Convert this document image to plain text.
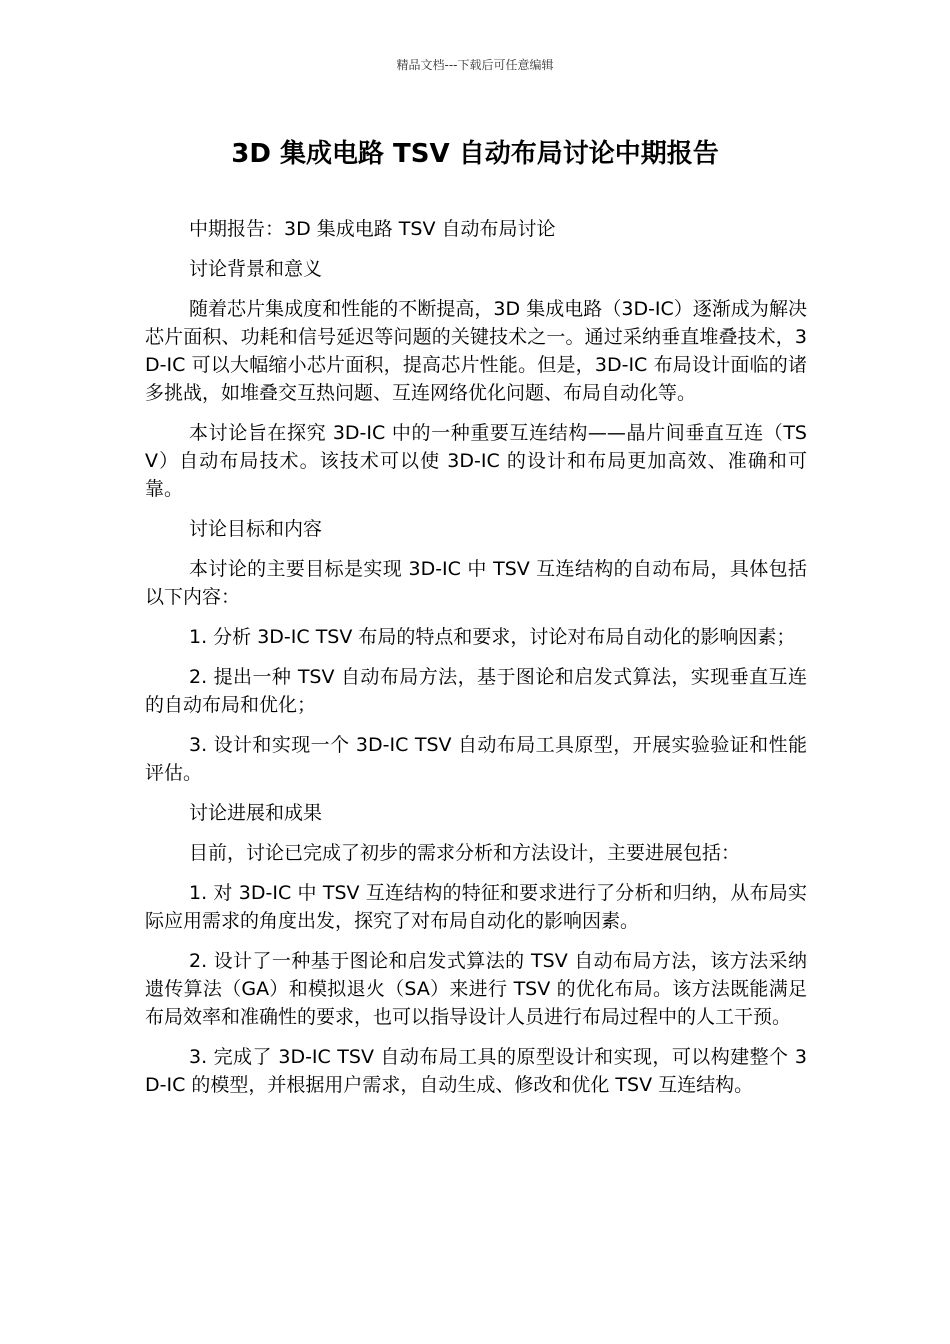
精品文档---下载后可任意编辑
3D 集成电路 TSV 自动布局讨论中期报告

中期报告：3D 集成电路 TSV 自动布局讨论

讨论背景和意义

随着芯片集成度和性能的不断提高，3D 集成电路（3D-IC）逐渐成为解决芯片面积、功耗和信号延迟等问题的关键技术之一。通过采纳垂直堆叠技术，3D-IC 可以大幅缩小芯片面积，提高芯片性能。但是，3D-IC 布局设计面临的诸多挑战，如堆叠交互热问题、互连网络优化问题、布局自动化等。

本讨论旨在探究 3D-IC 中的一种重要互连结构——晶片间垂直互连（TSV）自动布局技术。该技术可以使 3D-IC 的设计和布局更加高效、准确和可靠。

讨论目标和内容

本讨论的主要目标是实现 3D-IC 中 TSV 互连结构的自动布局，具体包括以下内容：

1. 分析 3D-IC TSV 布局的特点和要求，讨论对布局自动化的影响因素；

2. 提出一种 TSV 自动布局方法，基于图论和启发式算法，实现垂直互连的自动布局和优化；

3. 设计和实现一个 3D-IC TSV 自动布局工具原型，开展实验验证和性能评估。

讨论进展和成果

目前，讨论已完成了初步的需求分析和方法设计，主要进展包括：

1. 对 3D-IC 中 TSV 互连结构的特征和要求进行了分析和归纳，从布局实际应用需求的角度出发，探究了对布局自动化的影响因素。

2. 设计了一种基于图论和启发式算法的 TSV 自动布局方法，该方法采纳遗传算法（GA）和模拟退火（SA）来进行 TSV 的优化布局。该方法既能满足布局效率和准确性的要求，也可以指导设计人员进行布局过程中的人工干预。

3. 完成了 3D-IC TSV 自动布局工具的原型设计和实现，可以构建整个 3D-IC 的模型，并根据用户需求，自动生成、修改和优化 TSV 互连结构。
